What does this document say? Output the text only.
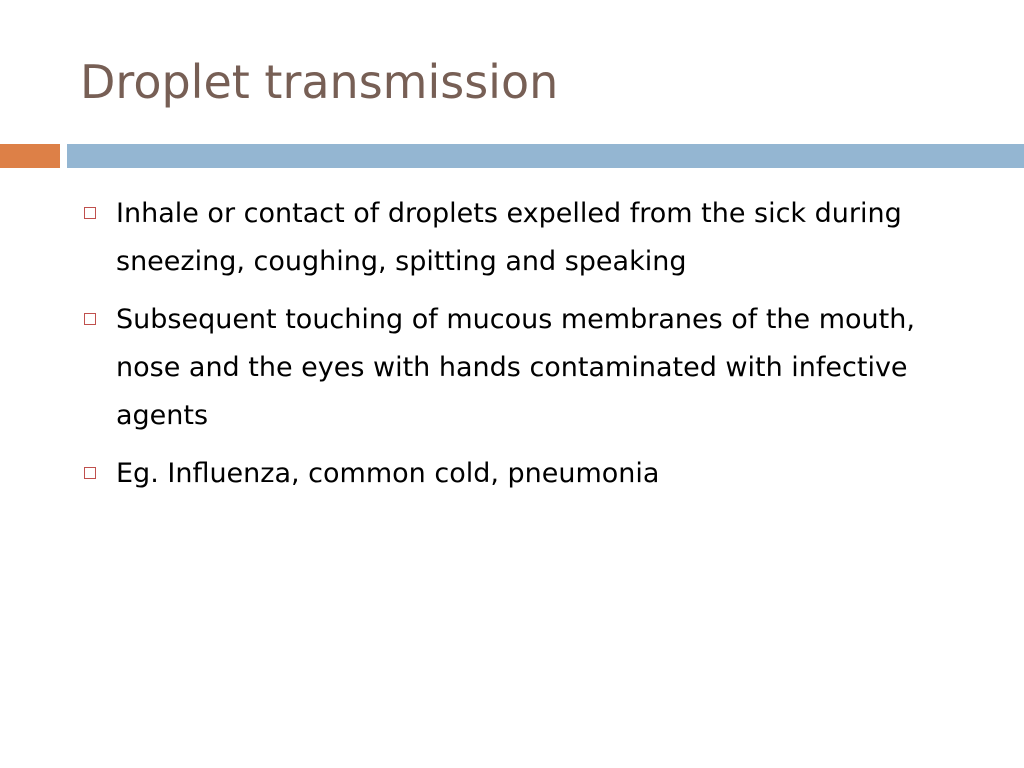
Droplet transmission
Inhale or contact of droplets expelled from the sick during sneezing, coughing, spitting and speaking
Subsequent touching of mucous membranes of the mouth, nose and the eyes with hands contaminated with infective agents
Eg. Influenza, common cold, pneumonia
